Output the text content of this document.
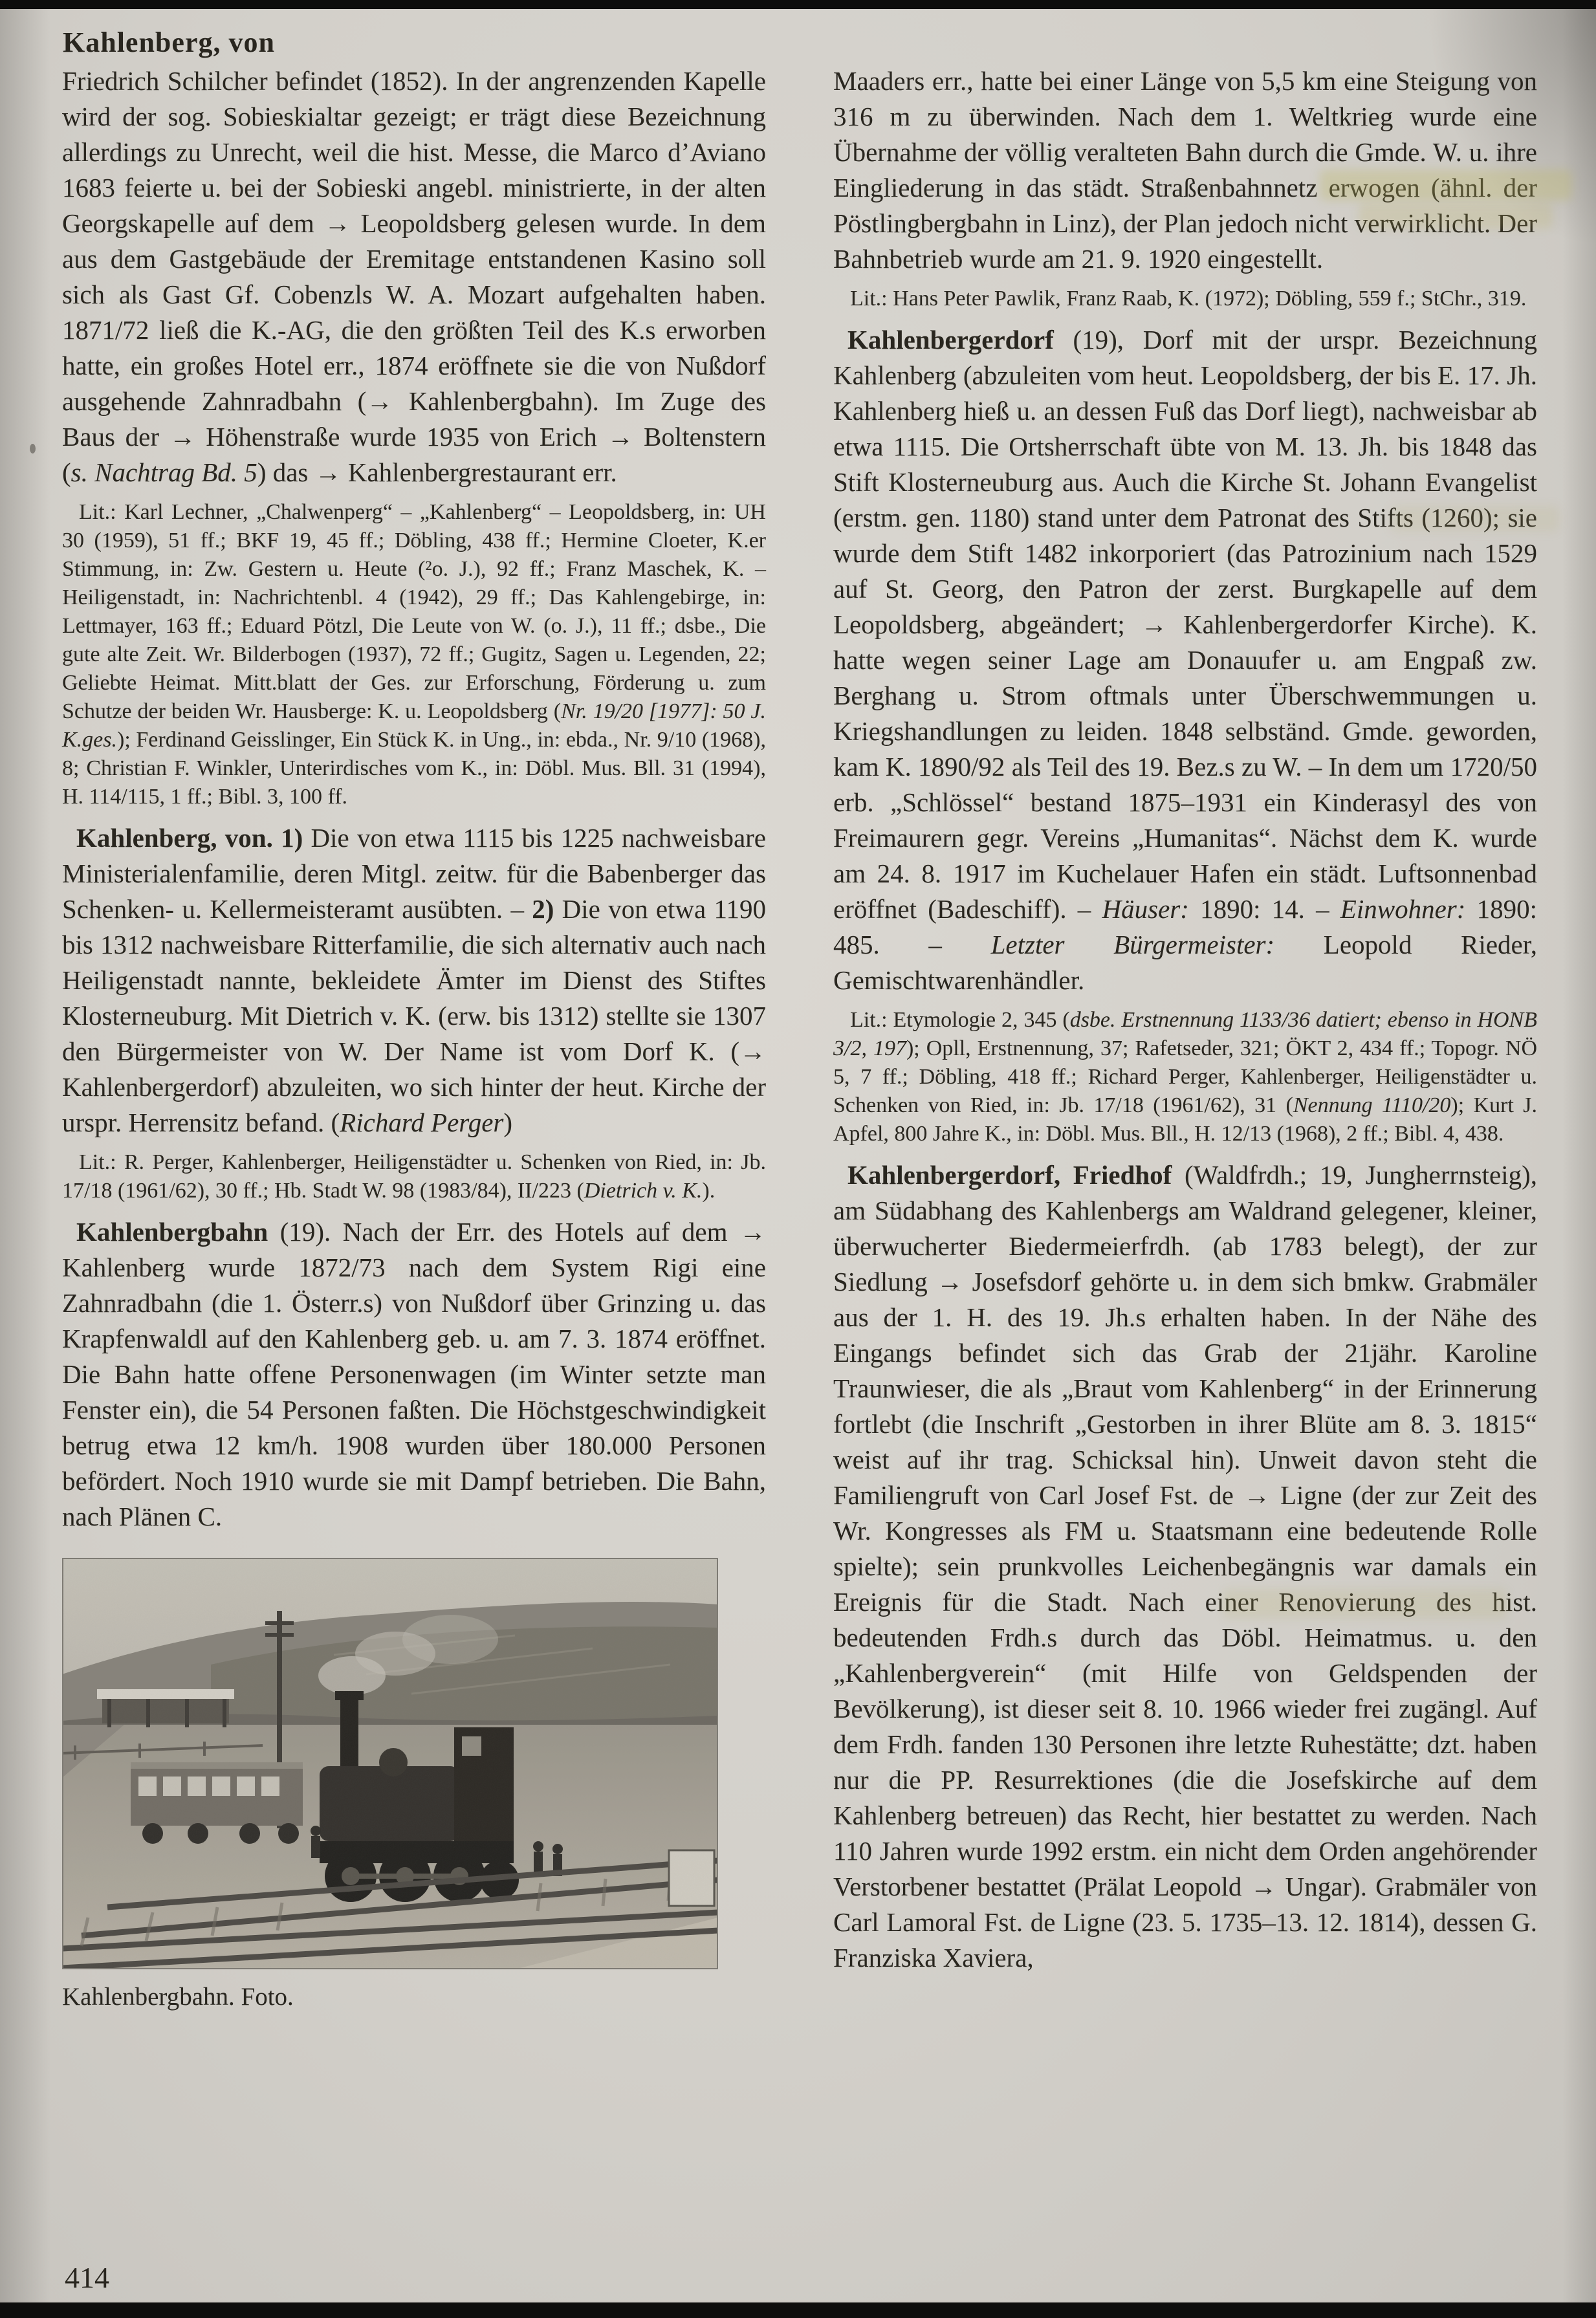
Kahlenberg, von

Friedrich Schilcher befindet (1852). In der angrenzenden Kapelle wird der sog. Sobieskialtar gezeigt; er trägt diese Bezeichnung allerdings zu Unrecht, weil die hist. Messe, die Marco d’Aviano 1683 feierte u. bei der Sobieski angebl. ministrierte, in der alten Georgskapelle auf dem → Leopoldsberg gelesen wurde. In dem aus dem Gastgebäude der Eremitage entstandenen Kasino soll sich als Gast Gf. Cobenzls W. A. Mozart aufgehalten haben. 1871/72 ließ die K.-AG, die den größten Teil des K.s erworben hatte, ein großes Hotel err., 1874 eröffnete sie die von Nußdorf ausgehende Zahnradbahn (→ Kahlenbergbahn). Im Zuge des Baus der → Höhenstraße wurde 1935 von Erich → Boltenstern (s. Nachtrag Bd. 5) das → Kahlenbergrestaurant err.

Lit.: Karl Lechner, „Chalwenperg“ – „Kahlenberg“ – Leopoldsberg, in: UH 30 (1959), 51 ff.; BKF 19, 45 ff.; Döbling, 438 ff.; Hermine Cloeter, K.er Stimmung, in: Zw. Gestern u. Heute (²o. J.), 92 ff.; Franz Maschek, K. – Heiligenstadt, in: Nachrichtenbl. 4 (1942), 29 ff.; Das Kahlengebirge, in: Lettmayer, 163 ff.; Eduard Pötzl, Die Leute von W. (o. J.), 11 ff.; dsbe., Die gute alte Zeit. Wr. Bilderbogen (1937), 72 ff.; Gugitz, Sagen u. Legenden, 22; Geliebte Heimat. Mitt.blatt der Ges. zur Erforschung, Förderung u. zum Schutze der beiden Wr. Hausberge: K. u. Leopoldsberg (Nr. 19/20 [1977]: 50 J. K.ges.); Ferdinand Geisslinger, Ein Stück K. in Ung., in: ebda., Nr. 9/10 (1968), 8; Christian F. Winkler, Unterirdisches vom K., in: Döbl. Mus. Bll. 31 (1994), H. 114/115, 1 ff.; Bibl. 3, 100 ff.

Kahlenberg, von. 1) Die von etwa 1115 bis 1225 nachweisbare Ministerialenfamilie, deren Mitgl. zeitw. für die Babenberger das Schenken- u. Kellermeisteramt ausübten. – 2) Die von etwa 1190 bis 1312 nachweisbare Ritterfamilie, die sich alternativ auch nach Heiligenstadt nannte, bekleidete Ämter im Dienst des Stiftes Klosterneuburg. Mit Dietrich v. K. (erw. bis 1312) stellte sie 1307 den Bürgermeister von W. Der Name ist vom Dorf K. (→ Kahlenbergerdorf) abzuleiten, wo sich hinter der heut. Kirche der urspr. Herrensitz befand. (Richard Perger)

Lit.: R. Perger, Kahlenberger, Heiligenstädter u. Schenken von Ried, in: Jb. 17/18 (1961/62), 30 ff.; Hb. Stadt W. 98 (1983/84), II/223 (Dietrich v. K.).

Kahlenbergbahn (19). Nach der Err. des Hotels auf dem → Kahlenberg wurde 1872/73 nach dem System Rigi eine Zahnradbahn (die 1. Österr.s) von Nußdorf über Grinzing u. das Krapfenwaldl auf den Kahlenberg geb. u. am 7. 3. 1874 eröffnet. Die Bahn hatte offene Personenwagen (im Winter setzte man Fenster ein), die 54 Personen faßten. Die Höchstgeschwindigkeit betrug etwa 12 km/h. 1908 wurden über 180.000 Personen befördert. Noch 1910 wurde sie mit Dampf betrieben. Die Bahn, nach Plänen C.

Kahlenbergbahn. Foto.

Maaders err., hatte bei einer Länge von 5,5 km eine Steigung von 316 m zu überwinden. Nach dem 1. Weltkrieg wurde eine Übernahme der völlig veralteten Bahn durch die Gmde. W. u. ihre Eingliederung in das städt. Straßenbahnnetz erwogen (ähnl. der Pöstlingbergbahn in Linz), der Plan jedoch nicht verwirklicht. Der Bahnbetrieb wurde am 21. 9. 1920 eingestellt.

Lit.: Hans Peter Pawlik, Franz Raab, K. (1972); Döbling, 559 f.; StChr., 319.

Kahlenbergerdorf (19), Dorf mit der urspr. Bezeichnung Kahlenberg (abzuleiten vom heut. Leopoldsberg, der bis E. 17. Jh. Kahlenberg hieß u. an dessen Fuß das Dorf liegt), nachweisbar ab etwa 1115. Die Ortsherrschaft übte von M. 13. Jh. bis 1848 das Stift Klosterneuburg aus. Auch die Kirche St. Johann Evangelist (erstm. gen. 1180) stand unter dem Patronat des Stifts (1260); sie wurde dem Stift 1482 inkorporiert (das Patrozinium nach 1529 auf St. Georg, den Patron der zerst. Burgkapelle auf dem Leopoldsberg, abgeändert; → Kahlenbergerdorfer Kirche). K. hatte wegen seiner Lage am Donauufer u. am Engpaß zw. Berghang u. Strom oftmals unter Überschwemmungen u. Kriegshandlungen zu leiden. 1848 selbständ. Gmde. geworden, kam K. 1890/92 als Teil des 19. Bez.s zu W. – In dem um 1720/50 erb. „Schlössel“ bestand 1875–1931 ein Kinderasyl des von Freimaurern gegr. Vereins „Humanitas“. Nächst dem K. wurde am 24. 8. 1917 im Kuchelauer Hafen ein städt. Luftsonnenbad eröffnet (Badeschiff). – Häuser: 1890: 14. – Einwohner: 1890: 485. – Letzter Bürgermeister: Leopold Rieder, Gemischtwarenhändler.

Lit.: Etymologie 2, 345 (dsbe. Erstnennung 1133/36 datiert; ebenso in HONB 3/2, 197); Opll, Erstnennung, 37; Rafetseder, 321; ÖKT 2, 434 ff.; Topogr. NÖ 5, 7 ff.; Döbling, 418 ff.; Richard Perger, Kahlenberger, Heiligenstädter u. Schenken von Ried, in: Jb. 17/18 (1961/62), 31 (Nennung 1110/20); Kurt J. Apfel, 800 Jahre K., in: Döbl. Mus. Bll., H. 12/13 (1968), 2 ff.; Bibl. 4, 438.

Kahlenbergerdorf, Friedhof (Waldfrdh.; 19, Jungherrnsteig), am Südabhang des Kahlenbergs am Waldrand gelegener, kleiner, überwucherter Biedermeierfrdh. (ab 1783 belegt), der zur Siedlung → Josefsdorf gehörte u. in dem sich bmkw. Grabmäler aus der 1. H. des 19. Jh.s erhalten haben. In der Nähe des Eingangs befindet sich das Grab der 21jähr. Karoline Traunwieser, die als „Braut vom Kahlenberg“ in der Erinnerung fortlebt (die Inschrift „Gestorben in ihrer Blüte am 8. 3. 1815“ weist auf ihr trag. Schicksal hin). Unweit davon steht die Familiengruft von Carl Josef Fst. de → Ligne (der zur Zeit des Wr. Kongresses als FM u. Staatsmann eine bedeutende Rolle spielte); sein prunkvolles Leichenbegängnis war damals ein Ereignis für die Stadt. Nach einer Renovierung des hist. bedeutenden Frdh.s durch das Döbl. Heimatmus. u. den „Kahlenbergverein“ (mit Hilfe von Geldspenden der Bevölkerung), ist dieser seit 8. 10. 1966 wieder frei zugängl. Auf dem Frdh. fanden 130 Personen ihre letzte Ruhestätte; dzt. haben nur die PP. Resurrektiones (die die Josefskirche auf dem Kahlenberg betreuen) das Recht, hier bestattet zu werden. Nach 110 Jahren wurde 1992 erstm. ein nicht dem Orden angehörender Verstorbener bestattet (Prälat Leopold → Ungar). Grabmäler von Carl Lamoral Fst. de Ligne (23. 5. 1735–13. 12. 1814), dessen G. Franziska Xaviera,

414
